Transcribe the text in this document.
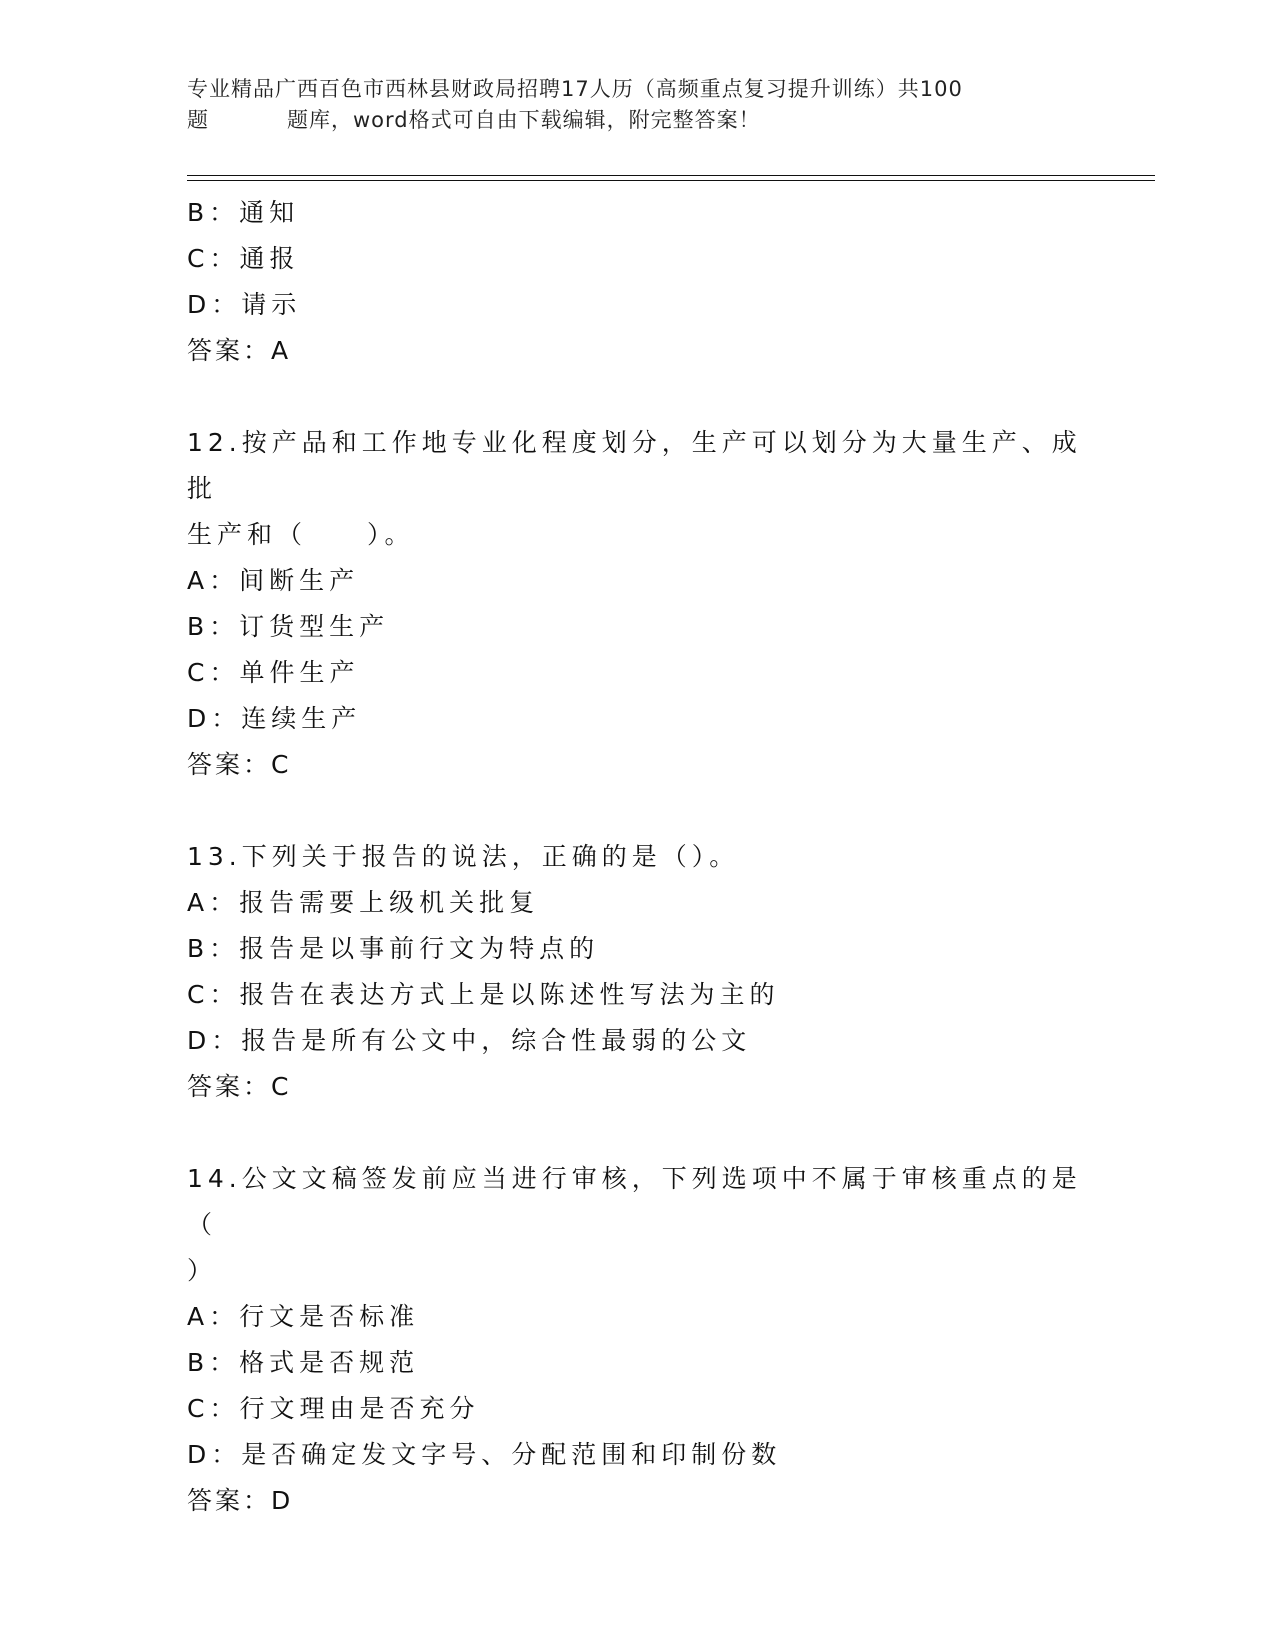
专业精品广西百色市西林县财政局招聘17人历（高频重点复习提升训练）共100
题	题库，word格式可自由下载编辑，附完整答案！
B：通知
C：通报
D：请示
答案：A
12.按产品和工作地专业化程度划分，生产可以划分为大量生产、成批
生产和（　　）。
A：间断生产
B：订货型生产
C：单件生产
D：连续生产
答案：C
13.下列关于报告的说法，正确的是（）。
A：报告需要上级机关批复
B：报告是以事前行文为特点的
C：报告在表达方式上是以陈述性写法为主的
D：报告是所有公文中，综合性最弱的公文
答案：C
14.公文文稿签发前应当进行审核，下列选项中不属于审核重点的是（
）
A：行文是否标准
B：格式是否规范
C：行文理由是否充分
D：是否确定发文字号、分配范围和印制份数
答案：D
